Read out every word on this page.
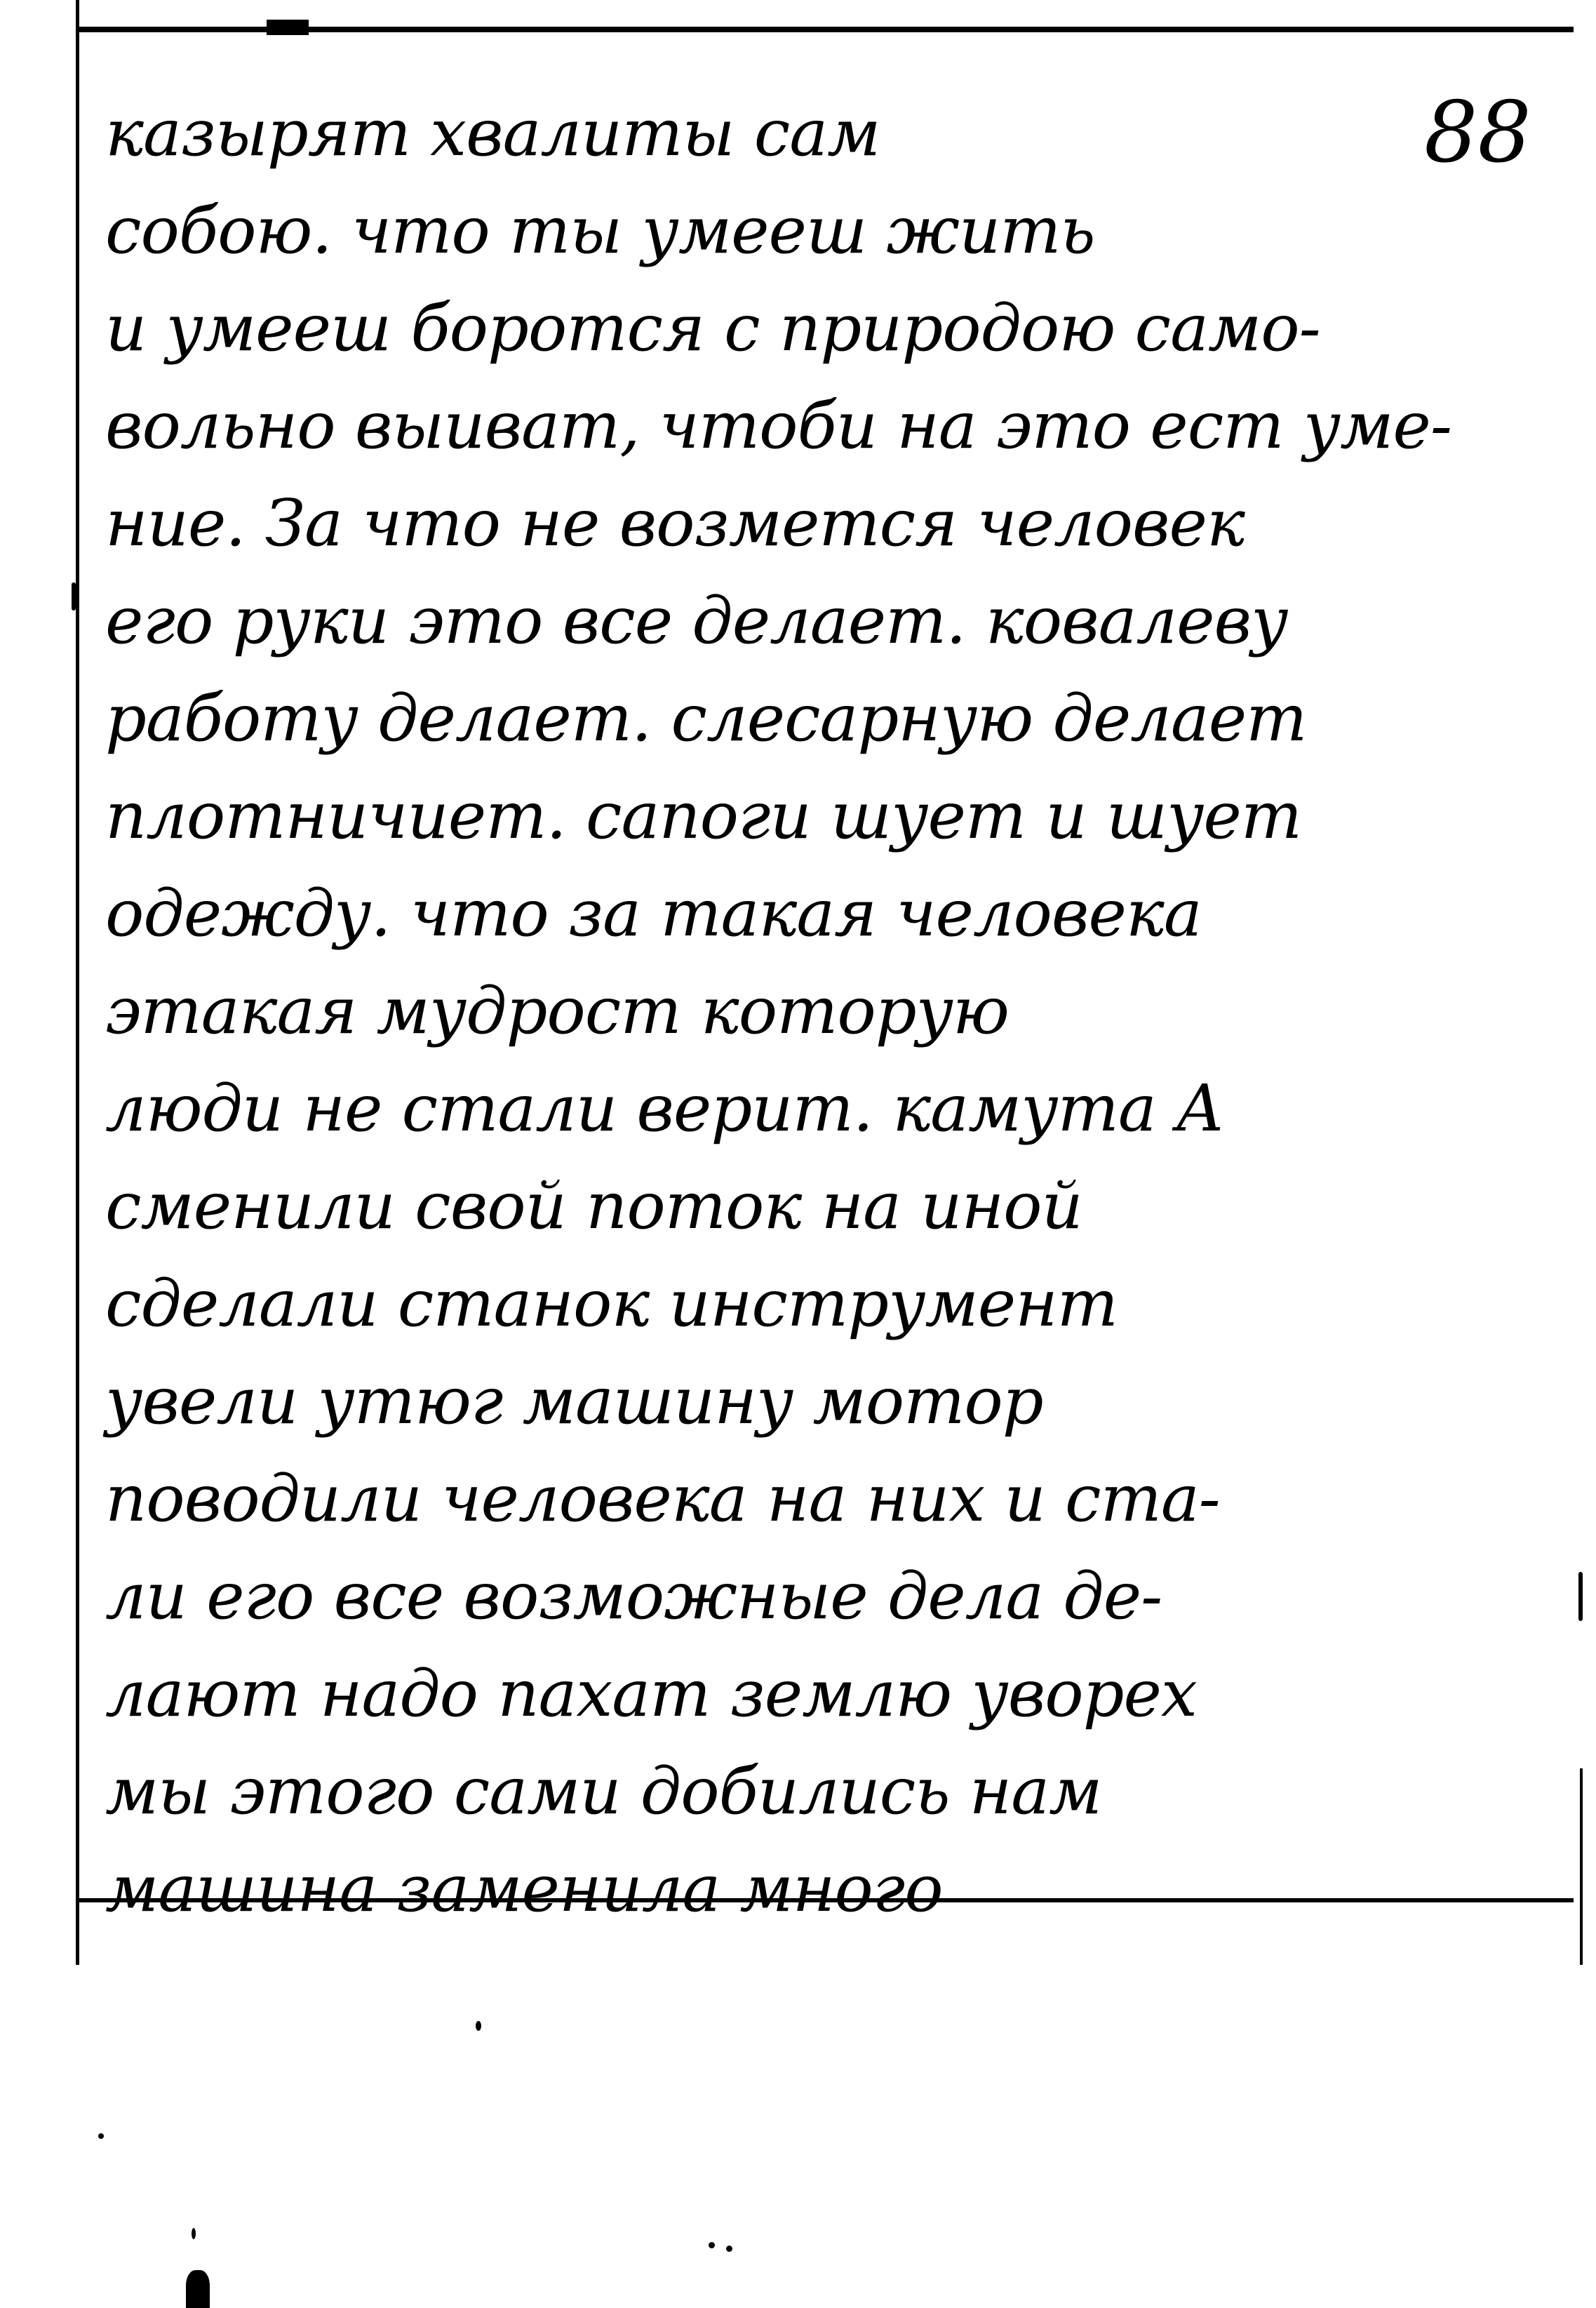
88
казырят хвалиты сам
собою. что ты умееш жить
и умееш боротся с природою само-
вольно выиват, чтоби на это ест уме-
ние. За что не возмется человек
его руки это все делает. ковалеву
работу делает. слесарную делает
плотничиет. сапоги шует и шует
одежду. что за такая человека
этакая мудрост которую
люди не стали верит. камута А
сменили свой поток на иной
сделали станок инструмент
увели утюг машину мотор
поводили человека на них и ста-
ли его все возможные дела де-
лают надо пахат землю уворех
мы этого сами добились нам
машина заменила много
